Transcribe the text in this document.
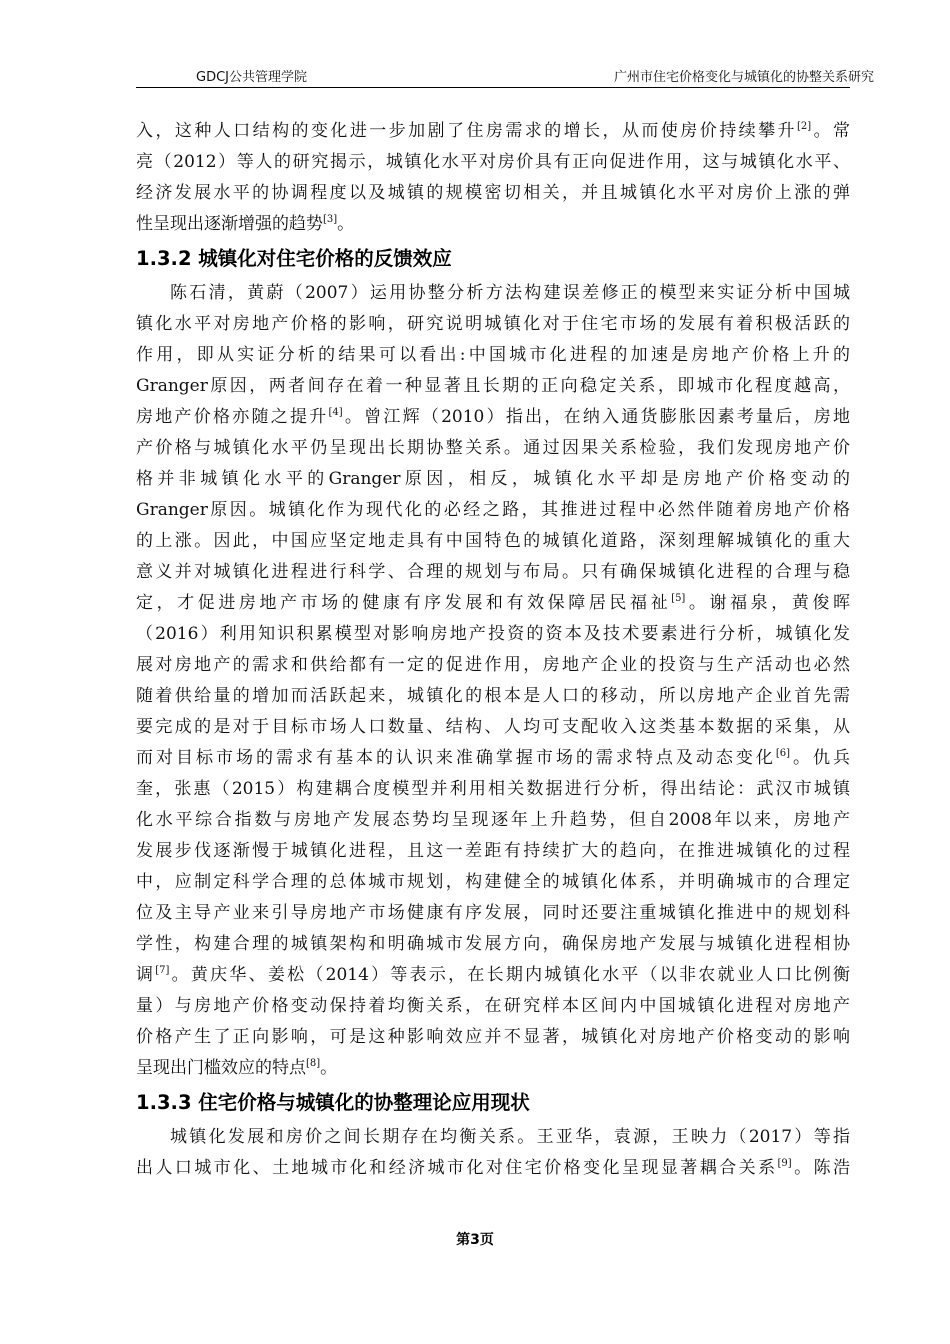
GDCJ公共管理学院	广州市住宅价格变化与城镇化的协整关系研究
入，这种人口结构的变化进一步加剧了住房需求的增长，从而使房价持续攀升[2]。常
亮（2012）等人的研究揭示，城镇化水平对房价具有正向促进作用，这与城镇化水平、
经济发展水平的协调程度以及城镇的规模密切相关，并且城镇化水平对房价上涨的弹
性呈现出逐渐增强的趋势[3]。
1.3.2 城镇化对住宅价格的反馈效应
陈石清，黄蔚（2007）运用协整分析方法构建误差修正的模型来实证分析中国城
镇化水平对房地产价格的影响，研究说明城镇化对于住宅市场的发展有着积极活跃的
作用，即从实证分析的结果可以看出:中国城市化进程的加速是房地产价格上升的
Granger原因，两者间存在着一种显著且长期的正向稳定关系，即城市化程度越高，
房地产价格亦随之提升[4]。曾江辉（2010）指出，在纳入通货膨胀因素考量后，房地
产价格与城镇化水平仍呈现出长期协整关系。通过因果关系检验，我们发现房地产价
格并非城镇化水平的Granger原因，相反，城镇化水平却是房地产价格变动的
Granger原因。城镇化作为现代化的必经之路，其推进过程中必然伴随着房地产价格
的上涨。因此，中国应坚定地走具有中国特色的城镇化道路，深刻理解城镇化的重大
意义并对城镇化进程进行科学、合理的规划与布局。只有确保城镇化进程的合理与稳
定，才促进房地产市场的健康有序发展和有效保障居民福祉[5]。谢福泉，黄俊晖
（2016）利用知识积累模型对影响房地产投资的资本及技术要素进行分析，城镇化发
展对房地产的需求和供给都有一定的促进作用，房地产企业的投资与生产活动也必然
随着供给量的增加而活跃起来，城镇化的根本是人口的移动，所以房地产企业首先需
要完成的是对于目标市场人口数量、结构、人均可支配收入这类基本数据的采集，从
而对目标市场的需求有基本的认识来准确掌握市场的需求特点及动态变化[6]。仇兵
奎，张惠（2015）构建耦合度模型并利用相关数据进行分析，得出结论：武汉市城镇
化水平综合指数与房地产发展态势均呈现逐年上升趋势，但自2008年以来，房地产
发展步伐逐渐慢于城镇化进程，且这一差距有持续扩大的趋向，在推进城镇化的过程
中，应制定科学合理的总体城市规划，构建健全的城镇化体系，并明确城市的合理定
位及主导产业来引导房地产市场健康有序发展，同时还要注重城镇化推进中的规划科
学性，构建合理的城镇架构和明确城市发展方向，确保房地产发展与城镇化进程相协
调[7]。黄庆华、姜松（2014）等表示，在长期内城镇化水平（以非农就业人口比例衡
量）与房地产价格变动保持着均衡关系，在研究样本区间内中国城镇化进程对房地产
价格产生了正向影响，可是这种影响效应并不显著，城镇化对房地产价格变动的影响
呈现出门槛效应的特点[8]。
1.3.3 住宅价格与城镇化的协整理论应用现状
城镇化发展和房价之间长期存在均衡关系。王亚华，袁源，王映力（2017）等指
出人口城市化、土地城市化和经济城市化对住宅价格变化呈现显著耦合关系[9]。陈浩
第3页
